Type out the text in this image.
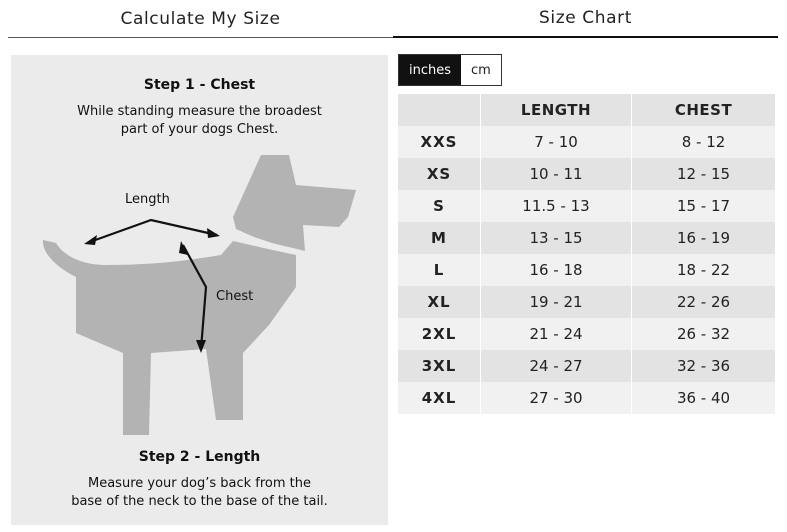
Calculate My Size	Size Chart
Step 1 - Chest
While standing measure the broadest
part of your dogs Chest.
Length
Chest
Step 2 - Length
Measure your dog’s back from the
base of the neck to the base of the tail.
inches	cm
	LENGTH	CHEST
XXS	7 - 10	8 - 12
XS	10 - 11	12 - 15
S	11.5 - 13	15 - 17
M	13 - 15	16 - 19
L	16 - 18	18 - 22
XL	19 - 21	22 - 26
2XL	21 - 24	26 - 32
3XL	24 - 27	32 - 36
4XL	27 - 30	36 - 40
